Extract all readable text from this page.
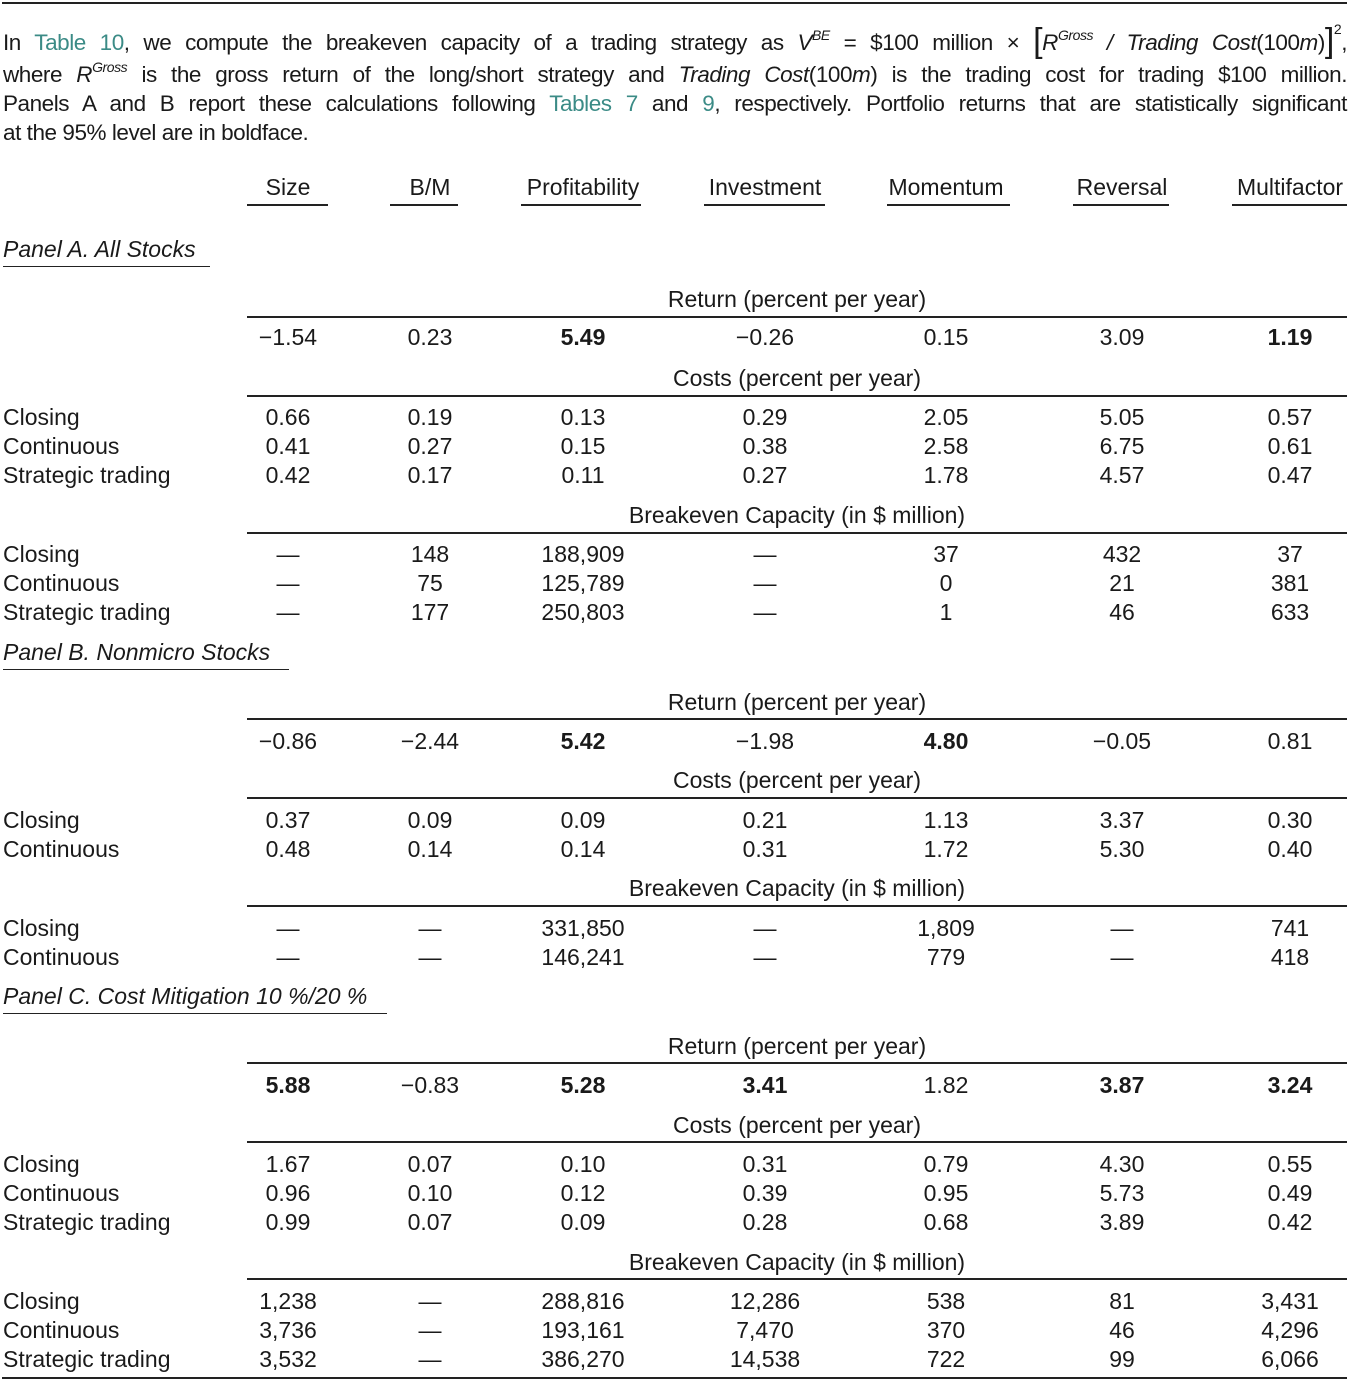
In Table 10, we compute the breakeven capacity of a trading strategy as $V^{BE}$ = $100 million × [$R^{Gross}$ / Trading Cost(100m)]$^2$,
where $R^{Gross}$ is the gross return of the long/short strategy and Trading Cost(100m) is the trading cost for trading $100 million.
Panels A and B report these calculations following Tables 7 and 9, respectively. Portfolio returns that are statistically significant
at the 95% level are in boldface.
Size	B/M	Profitability	Investment	Momentum	Reversal	Multifactor
Panel A. All Stocks
Return (percent per year)
−1.54	0.23	5.49	−0.26	0.15	3.09	1.19
Costs (percent per year)
Closing	0.66	0.19	0.13	0.29	2.05	5.05	0.57
Continuous	0.41	0.27	0.15	0.38	2.58	6.75	0.61
Strategic trading	0.42	0.17	0.11	0.27	1.78	4.57	0.47
Breakeven Capacity (in $ million)
Closing	—	148	188,909	—	37	432	37
Continuous	—	75	125,789	—	0	21	381
Strategic trading	—	177	250,803	—	1	46	633
Panel B. Nonmicro Stocks
Return (percent per year)
−0.86	−2.44	5.42	−1.98	4.80	−0.05	0.81
Costs (percent per year)
Closing	0.37	0.09	0.09	0.21	1.13	3.37	0.30
Continuous	0.48	0.14	0.14	0.31	1.72	5.30	0.40
Breakeven Capacity (in $ million)
Closing	—	—	331,850	—	1,809	—	741
Continuous	—	—	146,241	—	779	—	418
Panel C. Cost Mitigation 10 %/20 %
Return (percent per year)
5.88	−0.83	5.28	3.41	1.82	3.87	3.24
Costs (percent per year)
Closing	1.67	0.07	0.10	0.31	0.79	4.30	0.55
Continuous	0.96	0.10	0.12	0.39	0.95	5.73	0.49
Strategic trading	0.99	0.07	0.09	0.28	0.68	3.89	0.42
Breakeven Capacity (in $ million)
Closing	1,238	—	288,816	12,286	538	81	3,431
Continuous	3,736	—	193,161	7,470	370	46	4,296
Strategic trading	3,532	—	386,270	14,538	722	99	6,066
